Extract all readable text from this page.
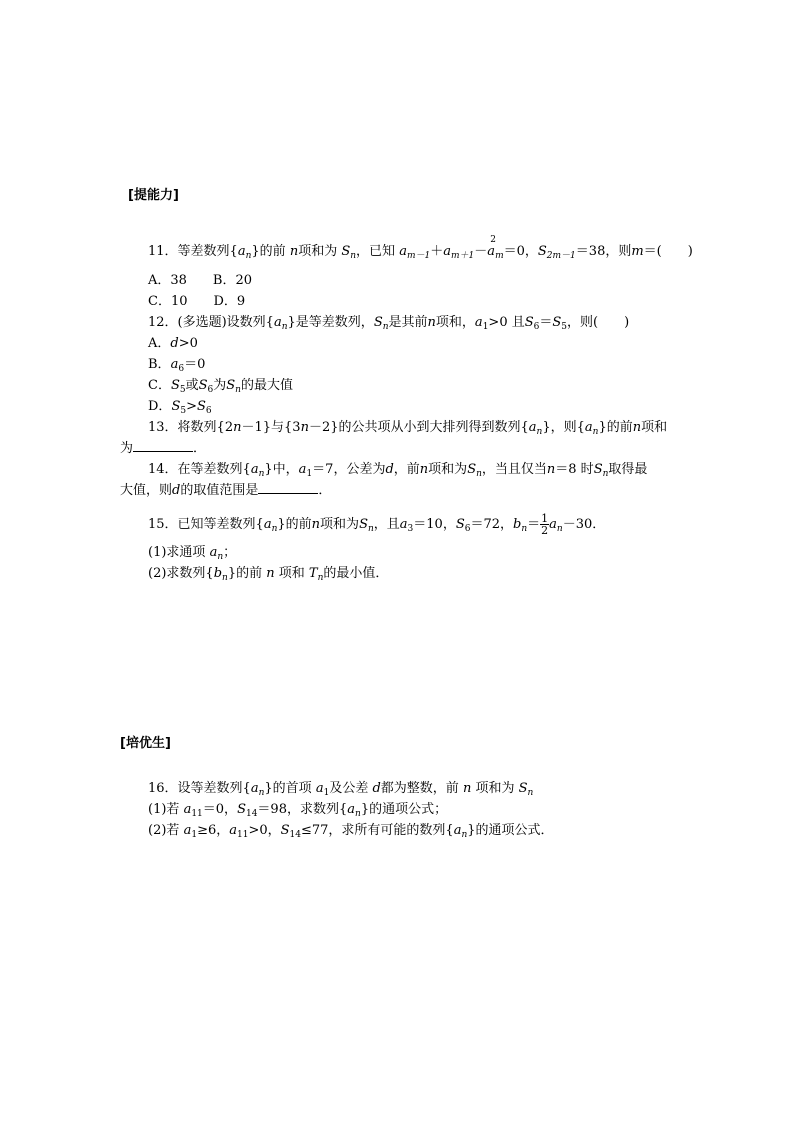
[提能力]
11．等差数列$\{a_n\}$的前 n项和为 $S_n$，已知 $a_{m-1}+a_{m+1}-$
2
$a_m=0$，$S_{2m-1}=38$，则m＝(　　)
A．38　　B．20
C．10　　D．9
12．(多选题)设数列$\{a_n\}$是等差数列，$S_n$是其前n项和，$a_1>0$ 且$S_6=S_5$，则(　　)
A．d>0
B．$a_6=0$
C．$S_5$或$S_6$为$S_n$的最大值
D．$S_5>S_6$
13．将数列{2n－1}与{3n－2}的公共项从小到大排列得到数列$\{a_n\}$，则$\{a_n\}$的前n项和
为	．
14．在等差数列$\{a_n\}$中，$a_1=7$，公差为d，前n项和为$S_n$，当且仅当n＝8 时$S_n$取得最
大值，则d的取值范围是	．
15．已知等差数列$\{a_n\}$的前n项和为$S_n$，且$a_3=10$，$S_6=72$，$b_n= \frac{1}{2} a_n-30$．
(1)求通项 $a_n$；
(2)求数列$\{b_n\}$的前 n 项和 $T_n$的最小值．
[培优生]
16．设等差数列$\{a_n\}$的首项 $a_1$及公差 d都为整数，前 n 项和为 $S_n$
(1)若 $a_{11}=0$，$S_{14}=98$，求数列$\{a_n\}$的通项公式；
(2)若 $a_1\ge 6$，$a_{11}>0$，$S_{14}\le 77$，求所有可能的数列$\{a_n\}$的通项公式．
